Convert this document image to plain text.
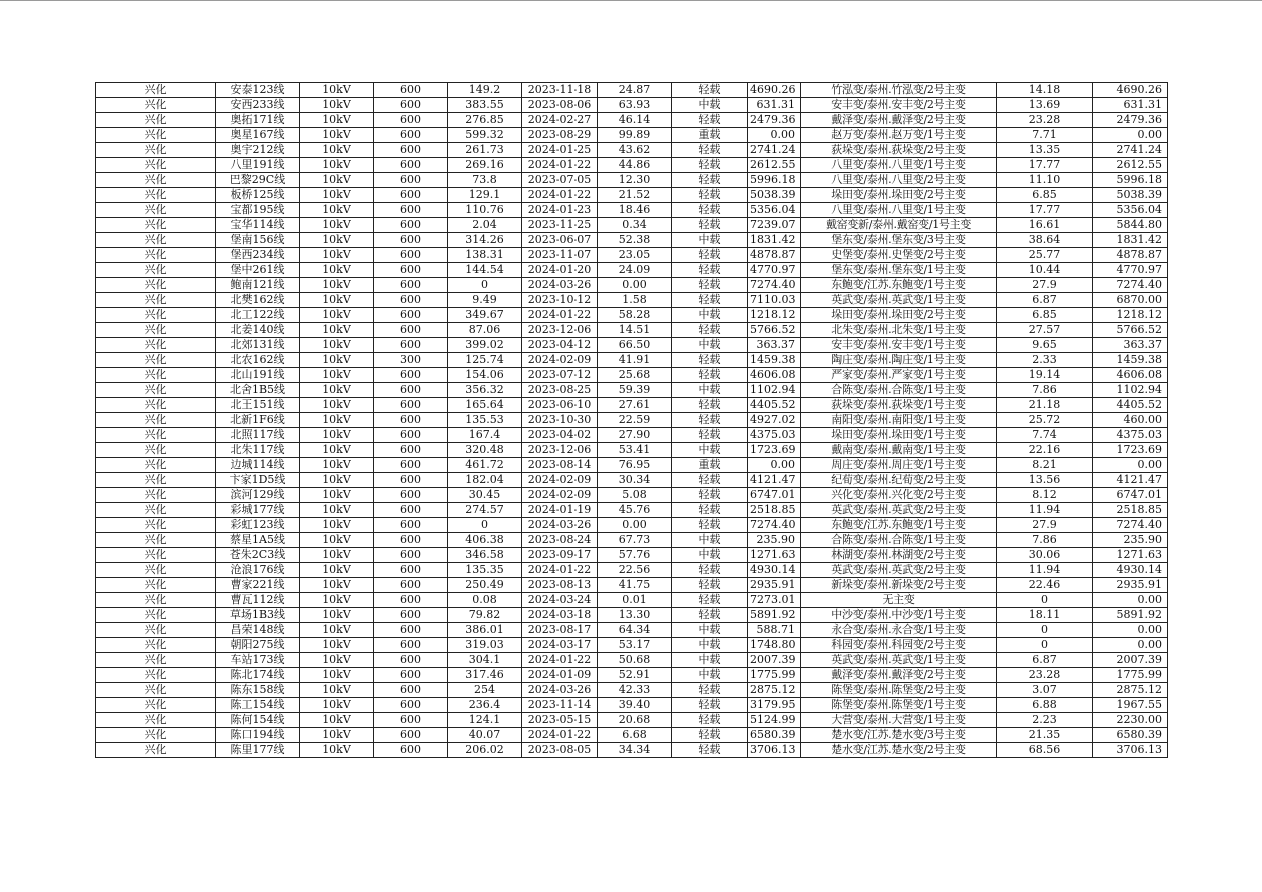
兴化	安泰123线	10kV	600	149.2	2023-11-18	24.87	轻载	4690.26	竹泓变/泰州.竹泓变/2号主变	14.18	4690.26
兴化	安西233线	10kV	600	383.55	2023-08-06	63.93	中载	631.31	安丰变/泰州.安丰变/2号主变	13.69	631.31
兴化	奥拓171线	10kV	600	276.85	2024-02-27	46.14	轻载	2479.36	戴泽变/泰州.戴泽变/2号主变	23.28	2479.36
兴化	奥星167线	10kV	600	599.32	2023-08-29	99.89	重载	0.00	赵万变/泰州.赵万变/1号主变	7.71	0.00
兴化	奥宇212线	10kV	600	261.73	2024-01-25	43.62	轻载	2741.24	荻垛变/泰州.荻垛变/2号主变	13.35	2741.24
兴化	八里191线	10kV	600	269.16	2024-01-22	44.86	轻载	2612.55	八里变/泰州.八里变/1号主变	17.77	2612.55
兴化	巴黎29C线	10kV	600	73.8	2023-07-05	12.30	轻载	5996.18	八里变/泰州.八里变/2号主变	11.10	5996.18
兴化	板桥125线	10kV	600	129.1	2024-01-22	21.52	轻载	5038.39	垛田变/泰州.垛田变/2号主变	6.85	5038.39
兴化	宝都195线	10kV	600	110.76	2024-01-23	18.46	轻载	5356.04	八里变/泰州.八里变/1号主变	17.77	5356.04
兴化	宝华114线	10kV	600	2.04	2023-11-25	0.34	轻载	7239.07	戴窑变新/泰州.戴窑变/1号主变	16.61	5844.80
兴化	堡南156线	10kV	600	314.26	2023-06-07	52.38	中载	1831.42	堡东变/泰州.堡东变/3号主变	38.64	1831.42
兴化	堡西234线	10kV	600	138.31	2023-11-07	23.05	轻载	4878.87	史堡变/泰州.史堡变/2号主变	25.77	4878.87
兴化	堡中261线	10kV	600	144.54	2024-01-20	24.09	轻载	4770.97	堡东变/泰州.堡东变/1号主变	10.44	4770.97
兴化	鲍南121线	10kV	600	0	2024-03-26	0.00	轻载	7274.40	东鲍变/江苏.东鲍变/1号主变	27.9	7274.40
兴化	北樊162线	10kV	600	9.49	2023-10-12	1.58	轻载	7110.03	英武变/泰州.英武变/1号主变	6.87	6870.00
兴化	北工122线	10kV	600	349.67	2024-01-22	58.28	中载	1218.12	垛田变/泰州.垛田变/2号主变	6.85	1218.12
兴化	北姜140线	10kV	600	87.06	2023-12-06	14.51	轻载	5766.52	北朱变/泰州.北朱变/1号主变	27.57	5766.52
兴化	北郊131线	10kV	600	399.02	2023-04-12	66.50	中载	363.37	安丰变/泰州.安丰变/1号主变	9.65	363.37
兴化	北农162线	10kV	300	125.74	2024-02-09	41.91	轻载	1459.38	陶庄变/泰州.陶庄变/1号主变	2.33	1459.38
兴化	北山191线	10kV	600	154.06	2023-07-12	25.68	轻载	4606.08	严家变/泰州.严家变/1号主变	19.14	4606.08
兴化	北舍1B5线	10kV	600	356.32	2023-08-25	59.39	中载	1102.94	合陈变/泰州.合陈变/1号主变	7.86	1102.94
兴化	北王151线	10kV	600	165.64	2023-06-10	27.61	轻载	4405.52	荻垛变/泰州.荻垛变/1号主变	21.18	4405.52
兴化	北新1F6线	10kV	600	135.53	2023-10-30	22.59	轻载	4927.02	南阳变/泰州.南阳变/1号主变	25.72	460.00
兴化	北照117线	10kV	600	167.4	2023-04-02	27.90	轻载	4375.03	垛田变/泰州.垛田变/1号主变	7.74	4375.03
兴化	北朱117线	10kV	600	320.48	2023-12-06	53.41	中载	1723.69	戴南变/泰州.戴南变/1号主变	22.16	1723.69
兴化	边城114线	10kV	600	461.72	2023-08-14	76.95	重载	0.00	周庄变/泰州.周庄变/1号主变	8.21	0.00
兴化	卞家1D5线	10kV	600	182.04	2024-02-09	30.34	轻载	4121.47	纪荀变/泰州.纪荀变/2号主变	13.56	4121.47
兴化	滨河129线	10kV	600	30.45	2024-02-09	5.08	轻载	6747.01	兴化变/泰州.兴化变/2号主变	8.12	6747.01
兴化	彩城177线	10kV	600	274.57	2024-01-19	45.76	轻载	2518.85	英武变/泰州.英武变/2号主变	11.94	2518.85
兴化	彩虹123线	10kV	600	0	2024-03-26	0.00	轻载	7274.40	东鲍变/江苏.东鲍变/1号主变	27.9	7274.40
兴化	蔡星1A5线	10kV	600	406.38	2023-08-24	67.73	中载	235.90	合陈变/泰州.合陈变/1号主变	7.86	235.90
兴化	苍朱2C3线	10kV	600	346.58	2023-09-17	57.76	中载	1271.63	林湖变/泰州.林湖变/2号主变	30.06	1271.63
兴化	沧浪176线	10kV	600	135.35	2024-01-22	22.56	轻载	4930.14	英武变/泰州.英武变/2号主变	11.94	4930.14
兴化	曹家221线	10kV	600	250.49	2023-08-13	41.75	轻载	2935.91	新垛变/泰州.新垛变/2号主变	22.46	2935.91
兴化	曹瓦112线	10kV	600	0.08	2024-03-24	0.01	轻载	7273.01	无主变	0	0.00
兴化	草场1B3线	10kV	600	79.82	2024-03-18	13.30	轻载	5891.92	中沙变/泰州.中沙变/1号主变	18.11	5891.92
兴化	昌荣148线	10kV	600	386.01	2023-08-17	64.34	中载	588.71	永合变/泰州.永合变/1号主变	0	0.00
兴化	朝阳275线	10kV	600	319.03	2024-03-17	53.17	中载	1748.80	科园变/泰州.科园变/2号主变	0	0.00
兴化	车站173线	10kV	600	304.1	2024-01-22	50.68	中载	2007.39	英武变/泰州.英武变/1号主变	6.87	2007.39
兴化	陈北174线	10kV	600	317.46	2024-01-09	52.91	中载	1775.99	戴泽变/泰州.戴泽变/2号主变	23.28	1775.99
兴化	陈东158线	10kV	600	254	2024-03-26	42.33	轻载	2875.12	陈堡变/泰州.陈堡变/2号主变	3.07	2875.12
兴化	陈工154线	10kV	600	236.4	2023-11-14	39.40	轻载	3179.95	陈堡变/泰州.陈堡变/1号主变	6.88	1967.55
兴化	陈何154线	10kV	600	124.1	2023-05-15	20.68	轻载	5124.99	大营变/泰州.大营变/1号主变	2.23	2230.00
兴化	陈口194线	10kV	600	40.07	2024-01-22	6.68	轻载	6580.39	楚水变/江苏.楚水变/3号主变	21.35	6580.39
兴化	陈里177线	10kV	600	206.02	2023-08-05	34.34	轻载	3706.13	楚水变/江苏.楚水变/2号主变	68.56	3706.13
